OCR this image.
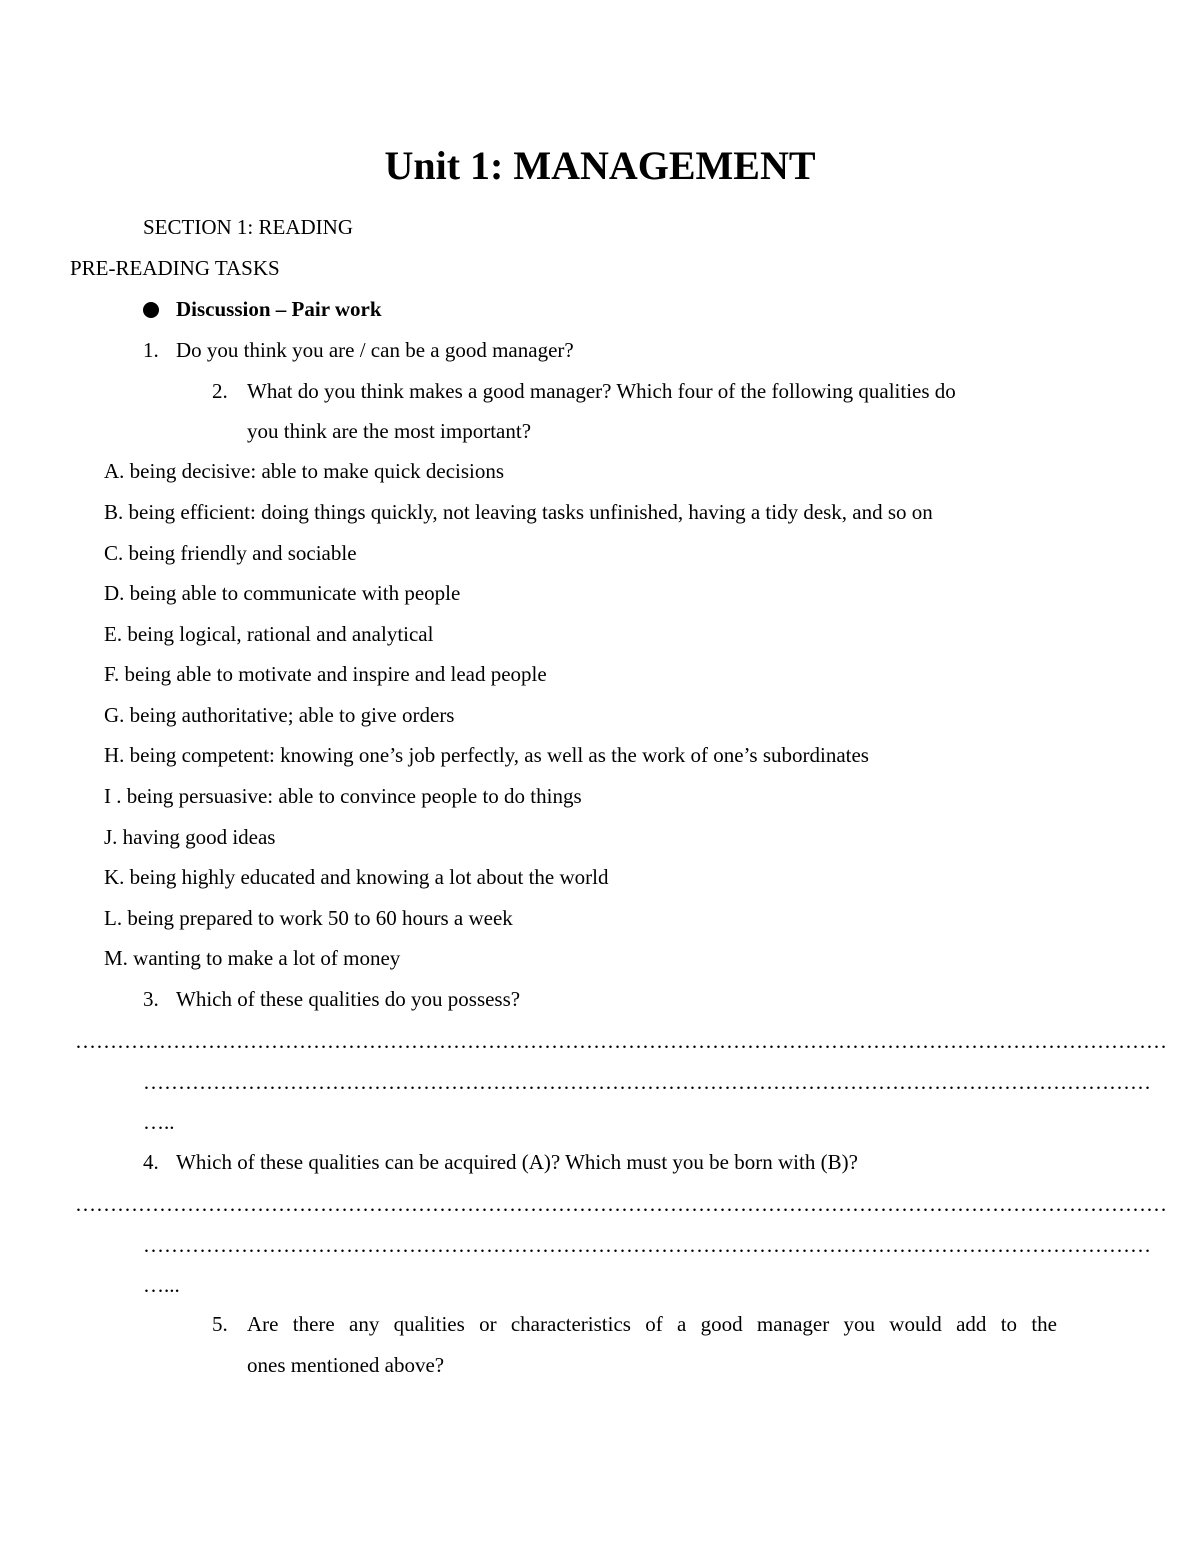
Unit 1: MANAGEMENT
SECTION 1: READING
PRE-READING TASKS
Discussion – Pair work
1. Do you think you are / can be a good manager?
2. What do you think makes a good manager? Which four of the following qualities do
you think are the most important?
A. being decisive: able to make quick decisions
B. being efficient: doing things quickly, not leaving tasks unfinished, having a tidy desk, and so on
C. being friendly and sociable
D. being able to communicate with people
E. being logical, rational and analytical
F. being able to motivate and inspire and lead people
G. being authoritative; able to give orders
H. being competent: knowing one’s job perfectly, as well as the work of one’s subordinates
I . being persuasive: able to convince people to do things
J. having good ideas
K. being highly educated and knowing a lot about the world
L. being prepared to work 50 to 60 hours a week
M. wanting to make a lot of money
3. Which of these qualities do you possess?
…………………………………………………………………………………………………………………………………………
………………………………………………………………………………………………………………………………
…..
4. Which of these qualities can be acquired (A)? Which must you be born with (B)?
…………………………………………………………………………………………………………………………………………
………………………………………………………………………………………………………………………………
…...
5. Are there any qualities or characteristics of a good manager you would add to the
ones mentioned above?
